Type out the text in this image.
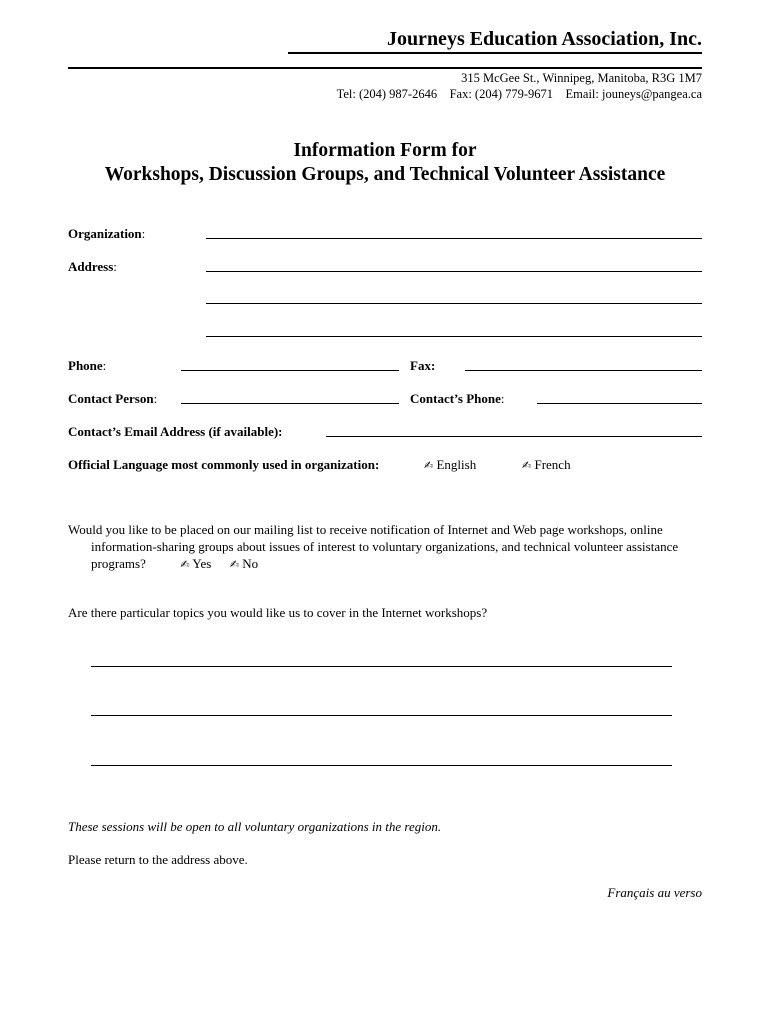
Journeys Education Association, Inc.
315 McGee St., Winnipeg, Manitoba, R3G 1M7
Tel: (204) 987-2646    Fax: (204) 779-9671    Email: jouneys@pangea.ca
Information Form for
Workshops, Discussion Groups, and Technical Volunteer Assistance
Organization:
Address:
Phone:	Fax:
Contact Person:	Contact’s Phone:
Contact’s Email Address (if available):
Official Language most commonly used in organization:	✍ English	✍ French
Would you like to be placed on our mailing list to receive notification of Internet and Web page workshops, online
information-sharing groups about issues of interest to voluntary organizations, and technical volunteer assistance
programs?	✍ Yes ✍ No
Are there particular topics you would like us to cover in the Internet workshops?
These sessions will be open to all voluntary organizations in the region.
Please return to the address above.
Français au verso
